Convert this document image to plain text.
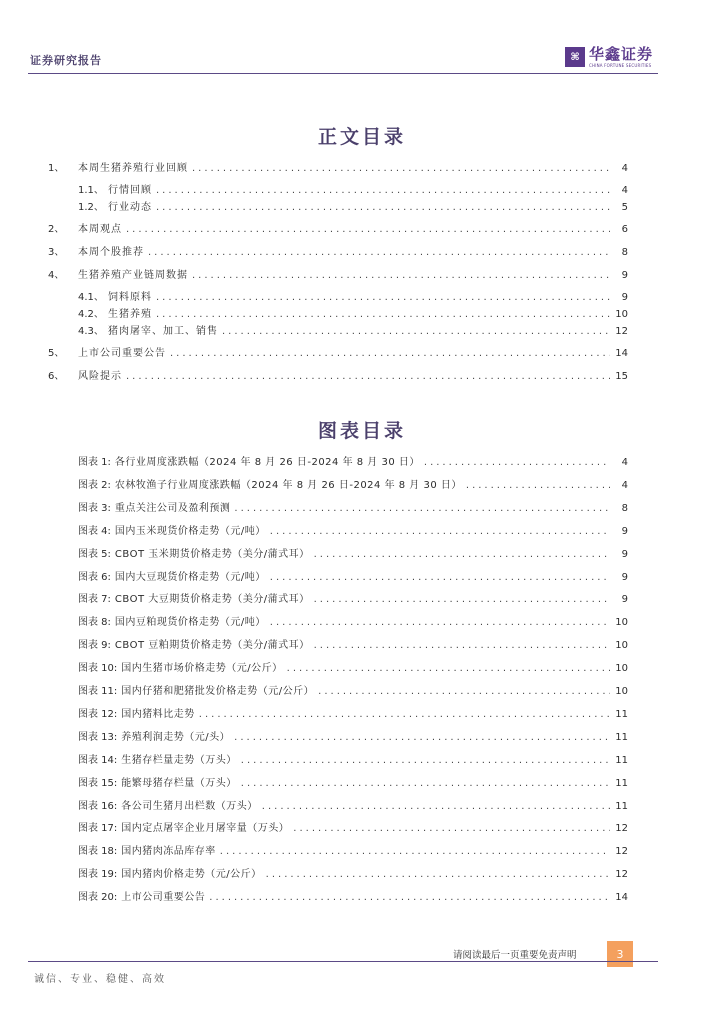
证券研究报告	⌘ 华鑫证券
CHINA FORTUNE SECURITIES
正文目录
1、	本周生猪养殖行业回顾 .....	4
1.1、 行情回顾 .....	4
1.2、 行业动态 .....	5
2、	本周观点 .....	6
3、	本周个股推荐 .....	8
4、	生猪养殖产业链周数据 .....	9
4.1、 饲料原料 .....	9
4.2、 生猪养殖 .....	10
4.3、 猪肉屠宰、加工、销售 .....	12
5、	上市公司重要公告 .....	14
6、	风险提示 .....	15
图表目录
图表 1: 各行业周度涨跌幅（2024 年 8 月 26 日-2024 年 8 月 30 日） .....	4
图表 2: 农林牧渔子行业周度涨跌幅（2024 年 8 月 26 日-2024 年 8 月 30 日） .....	4
图表 3: 重点关注公司及盈利预测 .....	8
图表 4: 国内玉米现货价格走势（元/吨） .....	9
图表 5: CBOT 玉米期货价格走势（美分/蒲式耳） .....	9
图表 6: 国内大豆现货价格走势（元/吨） .....	9
图表 7: CBOT 大豆期货价格走势（美分/蒲式耳） .....	9
图表 8: 国内豆粕现货价格走势（元/吨） .....	10
图表 9: CBOT 豆粕期货价格走势（美分/蒲式耳） .....	10
图表 10: 国内生猪市场价格走势（元/公斤） .....	10
图表 11: 国内仔猪和肥猪批发价格走势（元/公斤） .....	10
图表 12: 国内猪料比走势 .....	11
图表 13: 养殖利润走势（元/头） .....	11
图表 14: 生猪存栏量走势（万头） .....	11
图表 15: 能繁母猪存栏量（万头） .....	11
图表 16: 各公司生猪月出栏数（万头） .....	11
图表 17: 国内定点屠宰企业月屠宰量（万头） .....	12
图表 18: 国内猪肉冻品库存率 .....	12
图表 19: 国内猪肉价格走势（元/公斤） .....	12
图表 20: 上市公司重要公告 .....	14
请阅读最后一页重要免责声明	3
诚信、专业、稳健、高效
